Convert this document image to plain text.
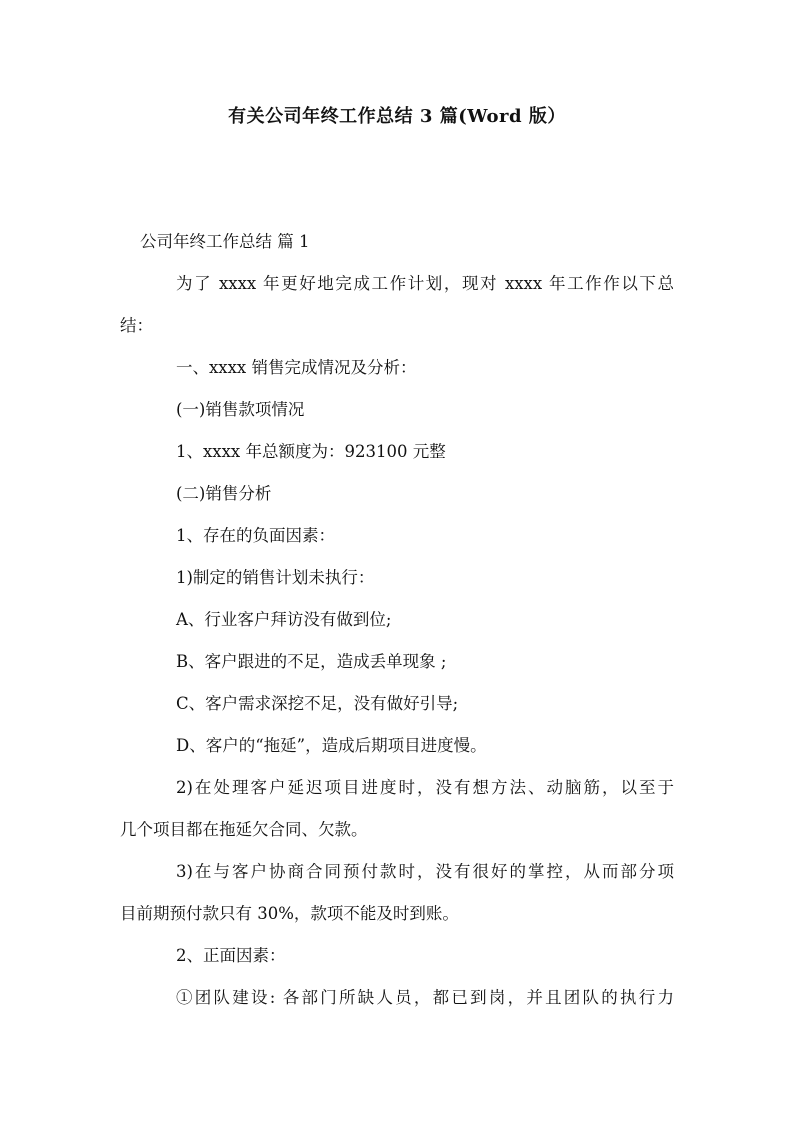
有关公司年终工作总结 3 篇(Word 版）
公司年终工作总结 篇 1
为了 xxxx 年更好地完成工作计划，现对 xxxx 年工作作以下总
结：
一、xxxx 销售完成情况及分析：
(一)销售款项情况
1、xxxx 年总额度为：923100 元整
(二)销售分析
1、存在的负面因素：
1)制定的销售计划未执行：
A、行业客户拜访没有做到位;
B、客户跟进的不足，造成丢单现象 ;
C、客户需求深挖不足，没有做好引导;
D、客户的“拖延”，造成后期项目进度慢。
2)在处理客户延迟项目进度时，没有想方法、动脑筋，以至于
几个项目都在拖延欠合同、欠款。
3)在与客户协商合同预付款时，没有很好的掌控，从而部分项
目前期预付款只有 30%，款项不能及时到账。
2、正面因素：
①团队建设: 各部门所缺人员，都已到岗，并且团队的执行力
